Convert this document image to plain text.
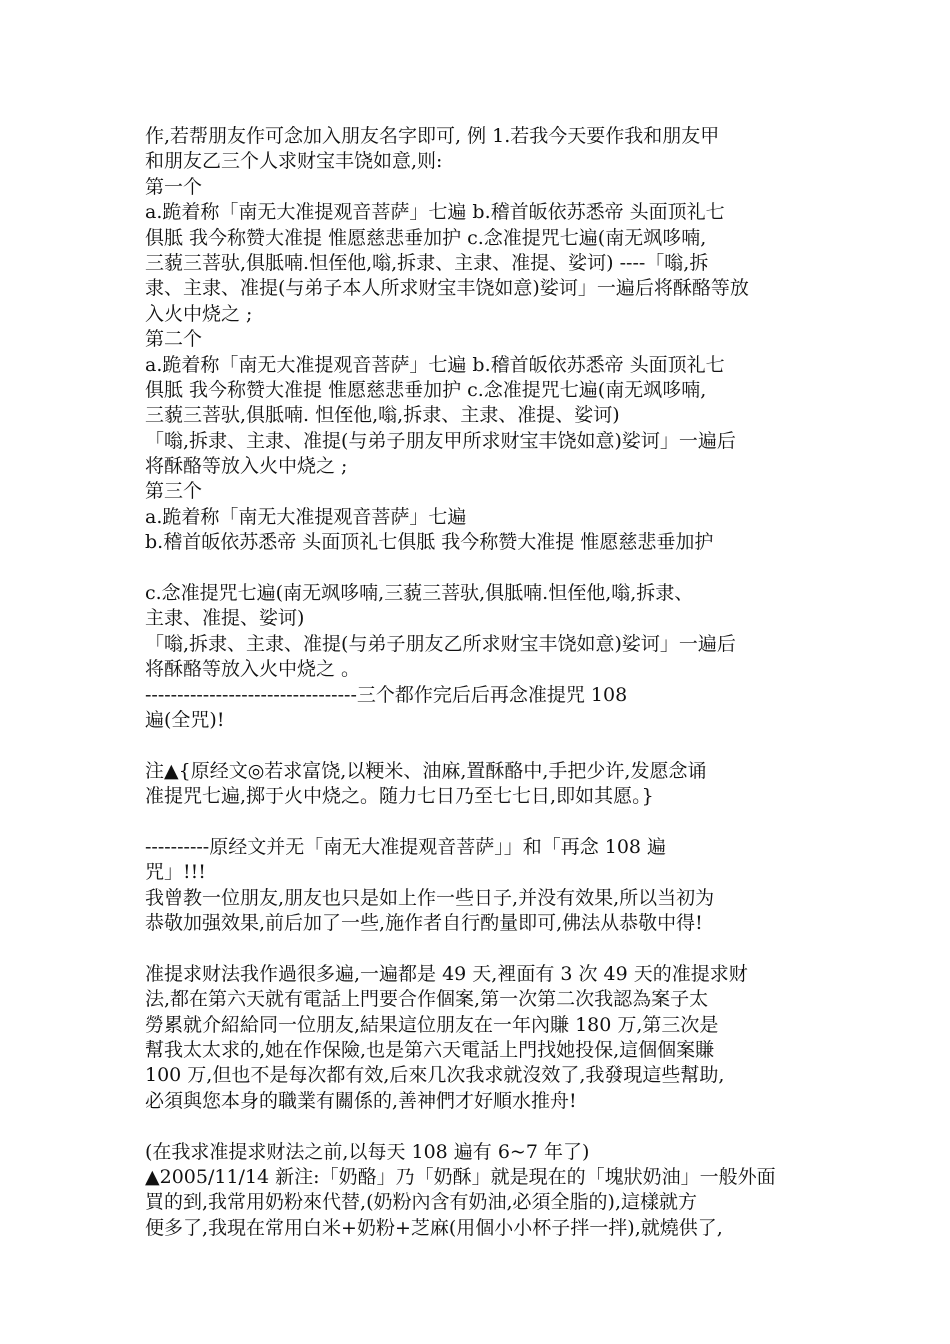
作,若帮朋友作可念加入朋友名字即可, 例 1.若我今天要作我和朋友甲
和朋友乙三个人求财宝丰饶如意,则:
第一个
a.跪着称「南无大准提观音菩萨」七遍 b.稽首皈依苏悉帝 头面顶礼七
俱胝 我今称赞大准提 惟愿慈悲垂加护 c.念准提咒七遍(南无飒哆喃,
三藐三菩驮,俱胝喃.怛侄他,嗡,拆隶、主隶、准提、娑诃) ----「嗡,拆
隶、主隶、准提(与弟子本人所求财宝丰饶如意)娑诃」一遍后将酥酪等放
入火中烧之 ;
第二个
a.跪着称「南无大准提观音菩萨」七遍 b.稽首皈依苏悉帝 头面顶礼七
俱胝 我今称赞大准提 惟愿慈悲垂加护 c.念准提咒七遍(南无飒哆喃,
三藐三菩驮,俱胝喃. 怛侄他,嗡,拆隶、主隶、准提、娑诃)
「嗡,拆隶、主隶、准提(与弟子朋友甲所求财宝丰饶如意)娑诃」一遍后
将酥酪等放入火中烧之 ;
第三个
a.跪着称「南无大准提观音菩萨」七遍
b.稽首皈依苏悉帝 头面顶礼七俱胝 我今称赞大准提 惟愿慈悲垂加护
c.念准提咒七遍(南无飒哆喃,三藐三菩驮,俱胝喃.怛侄他,嗡,拆隶、
主隶、准提、娑诃)
「嗡,拆隶、主隶、准提(与弟子朋友乙所求财宝丰饶如意)娑诃」一遍后
将酥酪等放入火中烧之 。
---------------------------------三个都作完后后再念准提咒 108
遍(全咒)!
注▲{原经文◎若求富饶,以粳米、油麻,置酥酪中,手把少许,发愿念诵
准提咒七遍,掷于火中烧之。随力七日乃至七七日,即如其愿。}
----------原经文并无「南无大准提观音菩萨」」和「再念 108 遍
咒」!!!
我曾教一位朋友,朋友也只是如上作一些日子,并没有效果,所以当初为
恭敬加强效果,前后加了一些,施作者自行酌量即可,佛法从恭敬中得!
准提求财法我作過很多遍,一遍都是 49 天,裡面有 3 次 49 天的准提求财
法,都在第六天就有電話上門要合作個案,第一次第二次我認為案子太
勞累就介紹給同一位朋友,結果這位朋友在一年內賺 180 万,第三次是
幫我太太求的,她在作保險,也是第六天電話上門找她投保,這個個案賺
100 万,但也不是每次都有效,后來几次我求就沒效了,我發現這些幫助,
必須與您本身的職業有關係的,善神們才好順水推舟!
(在我求准提求财法之前,以每天 108 遍有 6~7 年了)
▲2005/11/14 新注:「奶酪」乃「奶酥」就是現在的「塊狀奶油」一般外面
買的到,我常用奶粉來代替,(奶粉內含有奶油,必須全脂的),這樣就方
便多了,我現在常用白米+奶粉+芝麻(用個小小杯子拌一拌),就燒供了,
